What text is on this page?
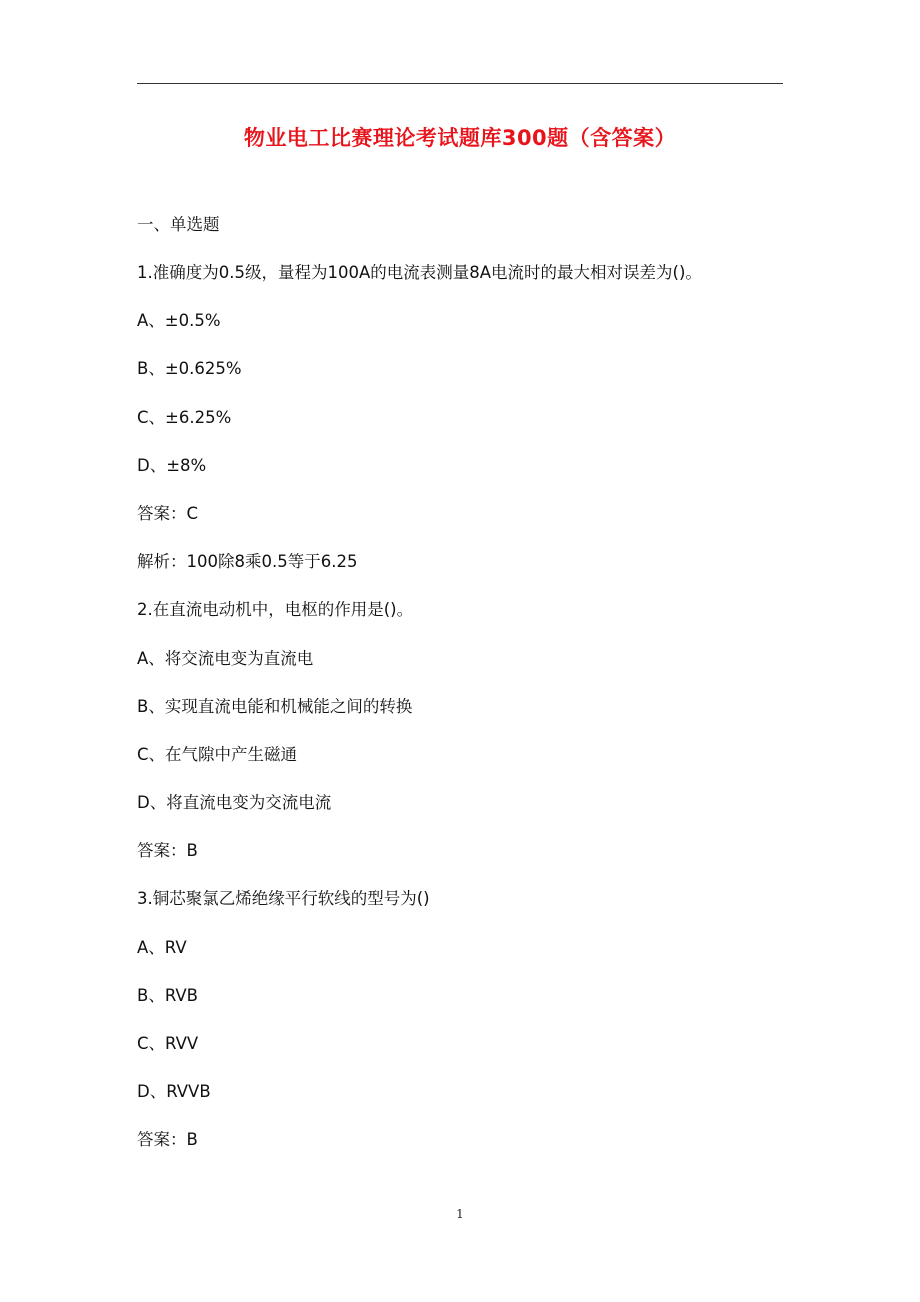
物业电工比赛理论考试题库300题（含答案）
一、单选题
1.准确度为0.5级，量程为100A的电流表测量8A电流时的最大相对误差为()。
A、±0.5%
B、±0.625%
C、±6.25%
D、±8%
答案：C
解析：100除8乘0.5等于6.25
2.在直流电动机中，电枢的作用是()。
A、将交流电变为直流电
B、实现直流电能和机械能之间的转换
C、在气隙中产生磁通
D、将直流电变为交流电流
答案：B
3.铜芯聚氯乙烯绝缘平行软线的型号为()
A、RV
B、RVB
C、RVV
D、RVVB
答案：B
1
